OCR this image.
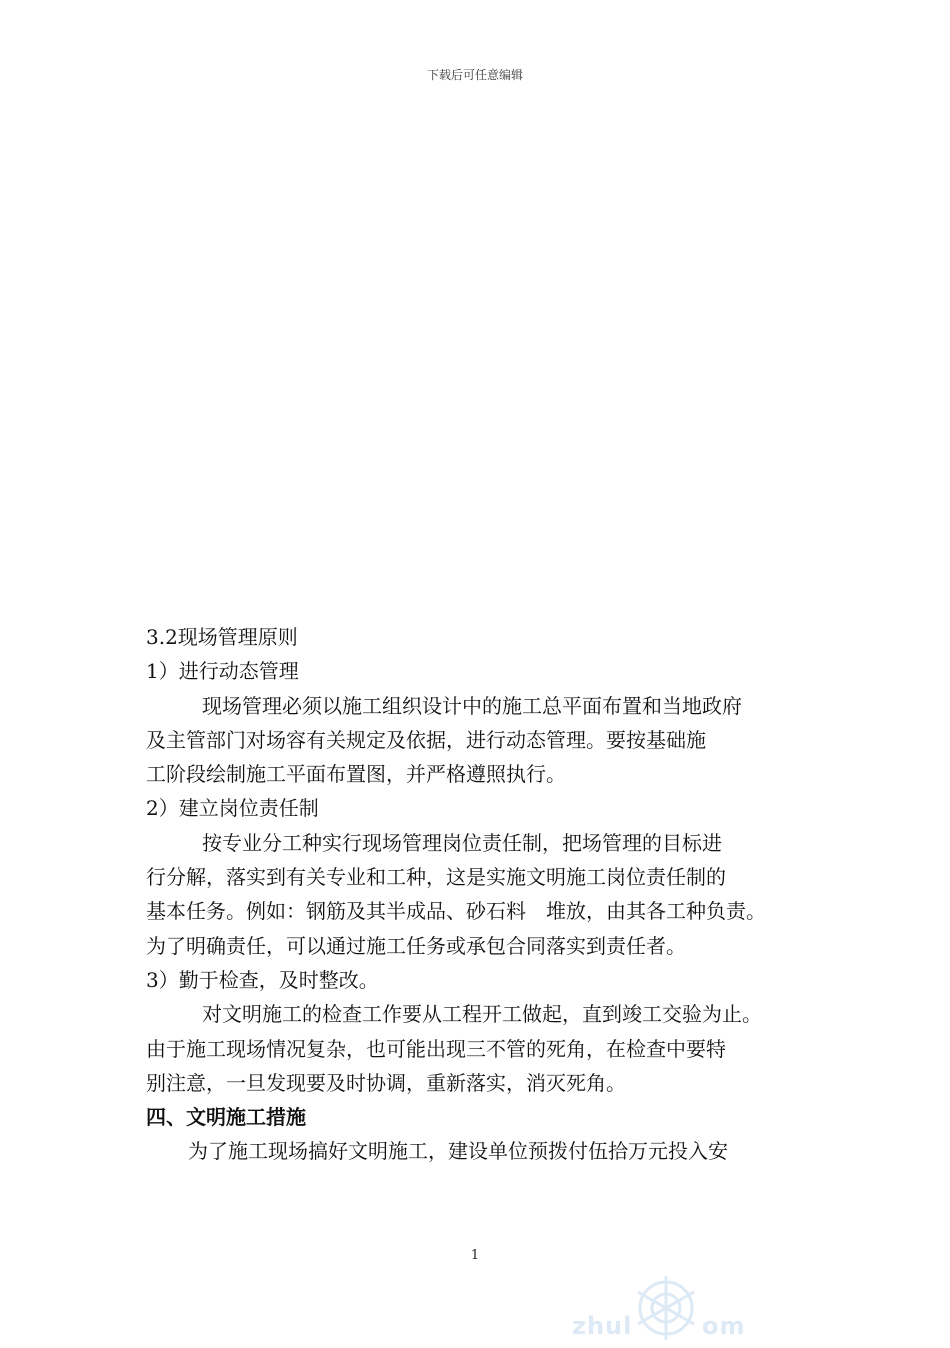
下载后可任意编辑
3.2现场管理原则
1）进行动态管理
现场管理必须以施工组织设计中的施工总平面布置和当地政府
及主管部门对场容有关规定及依据，进行动态管理。要按基础施
工阶段绘制施工平面布置图，并严格遵照执行。
2）建立岗位责任制
按专业分工种实行现场管理岗位责任制，把场管理的目标进
行分解，落实到有关专业和工种，这是实施文明施工岗位责任制的
基本任务。例如：钢筋及其半成品、砂石料　堆放，由其各工种负责。
为了明确责任，可以通过施工任务或承包合同落实到责任者。
3）勤于检查，及时整改。
对文明施工的检查工作要从工程开工做起，直到竣工交验为止。
由于施工现场情况复杂，也可能出现三不管的死角，在检查中要特
别注意，一旦发现要及时协调，重新落实，消灭死角。
四、文明施工措施
为了施工现场搞好文明施工，建设单位预拨付伍拾万元投入安
1
zhul	om
